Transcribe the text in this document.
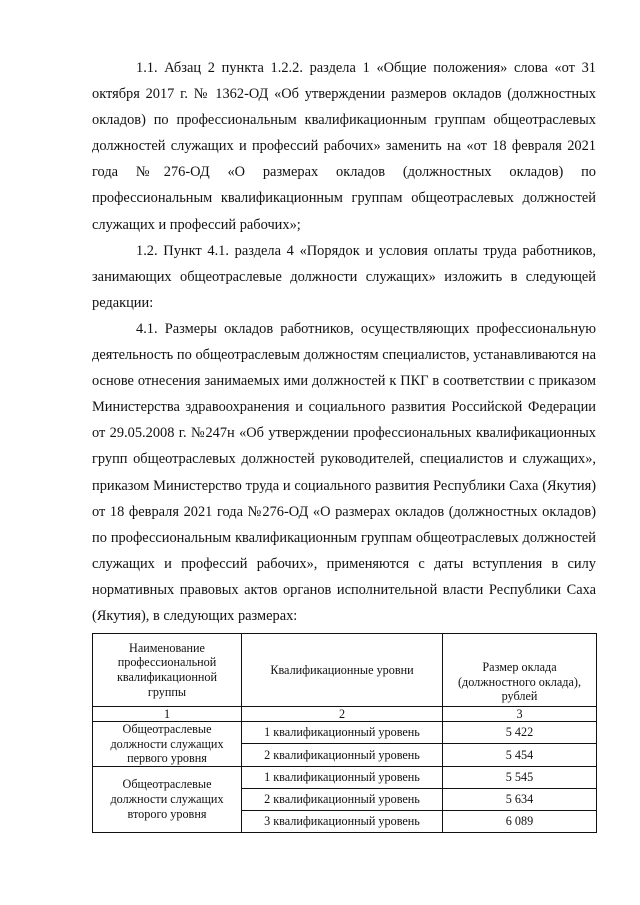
1.1. Абзац 2 пункта 1.2.2. раздела 1 «Общие положения» слова «от 31 октября 2017 г. № 1362-ОД «Об утверждении размеров окладов (должностных окладов) по профессиональным квалификационным группам общеотраслевых должностей служащих и профессий рабочих» заменить на «от 18 февраля 2021 года №276-ОД «О размерах окладов (должностных окладов) по профессиональным квалификационным группам общеотраслевых должностей служащих и профессий рабочих»;

1.2. Пункт 4.1. раздела 4 «Порядок и условия оплаты труда работников, занимающих общеотраслевые должности служащих» изложить в следующей редакции:

4.1. Размеры окладов работников, осуществляющих профессиональную деятельность по общеотраслевым должностям специалистов, устанавливаются на основе отнесения занимаемых ими должностей к ПКГ в соответствии с приказом Министерства здравоохранения и социального развития Российской Федерации от 29.05.2008 г. №247н «Об утверждении профессиональных квалификационных групп общеотраслевых должностей руководителей, специалистов и служащих», приказом Министерство труда и социального развития Республики Саха (Якутия) от 18 февраля 2021 года №276-ОД «О размерах окладов (должностных окладов) по профессиональным квалификационным группам общеотраслевых должностей служащих и профессий рабочих», применяются с даты вступления в силу нормативных правовых актов органов исполнительной власти Республики Саха (Якутия), в следующих размерах:

Наименование профессиональной квалификационной группы	Квалификационные уровни	Размер оклада (должностного оклада), рублей
1	2	3
Общеотраслевые должности служащих первого уровня	1 квалификационный уровень	5 422
	2 квалификационный уровень	5 454
Общеотраслевые должности служащих второго уровня	1 квалификационный уровень	5 545
	2 квалификационный уровень	5 634
	3 квалификационный уровень	6 089
